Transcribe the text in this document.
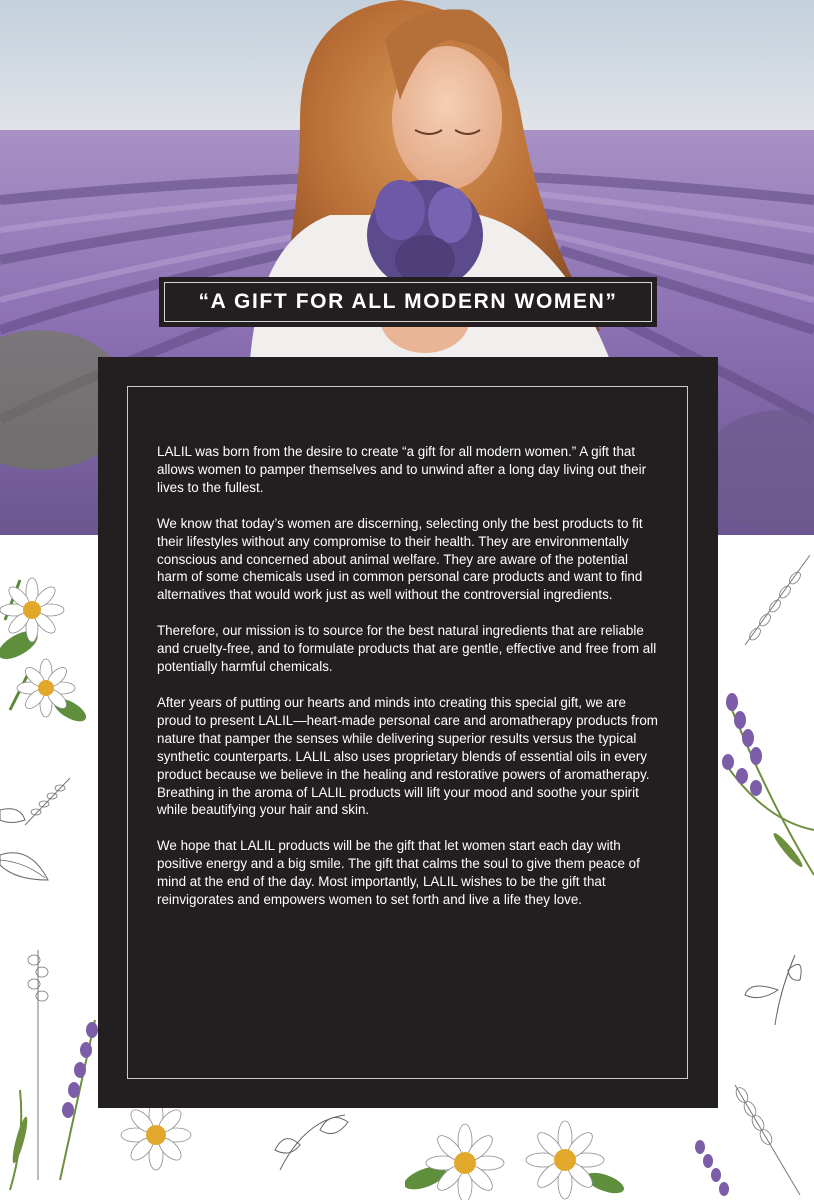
“A GIFT FOR ALL MODERN WOMEN”

LALIL was born from the desire to create “a gift for all modern women.” A gift that allows women to pamper themselves and to unwind after a long day living out their lives to the fullest.

We know that today’s women are discerning, selecting only the best products to fit their lifestyles without any compromise to their health. They are environmentally conscious and concerned about animal welfare. They are aware of the potential harm of some chemicals used in common personal care products and want to find alternatives that would work just as well without the controversial ingredients.

Therefore, our mission is to source for the best natural ingredients that are reliable and cruelty-free, and to formulate products that are gentle, effective and free from all potentially harmful chemicals.

After years of putting our hearts and minds into creating this special gift, we are proud to present LALIL—heart-made personal care and aromatherapy products from nature that pamper the senses while delivering superior results versus the typical synthetic counterparts. LALIL also uses proprietary blends of essential oils in every product because we believe in the healing and restorative powers of aromatherapy. Breathing in the aroma of LALIL products will lift your mood and soothe your spirit while beautifying your hair and skin.

We hope that LALIL products will be the gift that let women start each day with positive energy and a big smile. The gift that calms the soul to give them peace of mind at the end of the day. Most importantly, LALIL wishes to be the gift that reinvigorates and empowers women to set forth and live a life they love.
